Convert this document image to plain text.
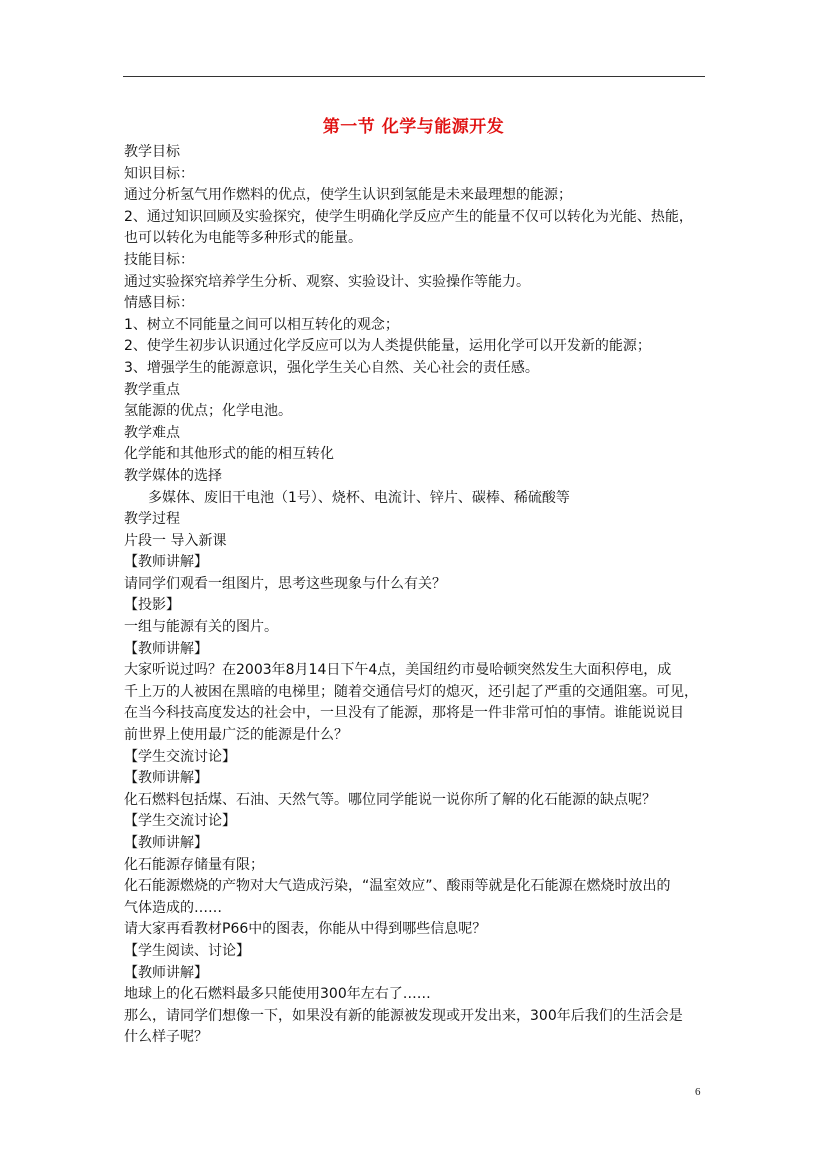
第一节 化学与能源开发
教学目标
知识目标：
通过分析氢气用作燃料的优点，使学生认识到氢能是未来最理想的能源；
2、通过知识回顾及实验探究，使学生明确化学反应产生的能量不仅可以转化为光能、热能，
也可以转化为电能等多种形式的能量。
技能目标：
通过实验探究培养学生分析、观察、实验设计、实验操作等能力。
情感目标：
1、树立不同能量之间可以相互转化的观念；
2、使学生初步认识通过化学反应可以为人类提供能量，运用化学可以开发新的能源；
3、增强学生的能源意识，强化学生关心自然、关心社会的责任感。
教学重点
氢能源的优点；化学电池。
教学难点
化学能和其他形式的能的相互转化
教学媒体的选择
多媒体、废旧干电池（1号）、烧杯、电流计、锌片、碳棒、稀硫酸等
教学过程
片段一 导入新课
【教师讲解】
请同学们观看一组图片，思考这些现象与什么有关？
【投影】
一组与能源有关的图片。
【教师讲解】
大家听说过吗？在2003年8月14日下午4点，美国纽约市曼哈顿突然发生大面积停电，成
千上万的人被困在黑暗的电梯里；随着交通信号灯的熄灭，还引起了严重的交通阻塞。可见，
在当今科技高度发达的社会中，一旦没有了能源，那将是一件非常可怕的事情。谁能说说目
前世界上使用最广泛的能源是什么？
【学生交流讨论】
【教师讲解】
化石燃料包括煤、石油、天然气等。哪位同学能说一说你所了解的化石能源的缺点呢？
【学生交流讨论】
【教师讲解】
化石能源存储量有限；
化石能源燃烧的产物对大气造成污染，“温室效应”、酸雨等就是化石能源在燃烧时放出的
气体造成的……
请大家再看教材P66中的图表，你能从中得到哪些信息呢？
【学生阅读、讨论】
【教师讲解】
地球上的化石燃料最多只能使用300年左右了……
那么，请同学们想像一下，如果没有新的能源被发现或开发出来，300年后我们的生活会是
什么样子呢？
6
